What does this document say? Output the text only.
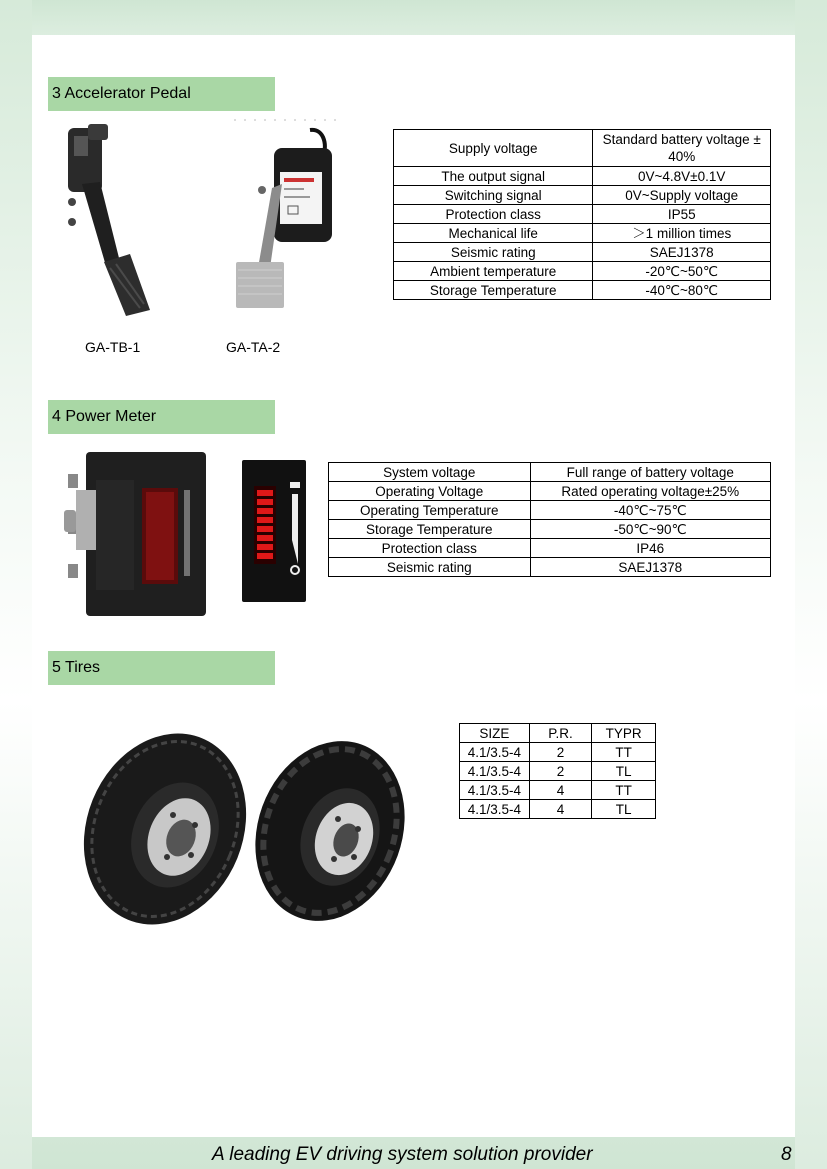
3 Accelerator Pedal
GA-TB-1	GA-TA-2
Supply voltage	Standard battery voltage ± 40%
The output signal	0V~4.8V±0.1V
Switching signal	0V~Supply voltage
Protection class	IP55
Mechanical life	＞1 million times
Seismic rating	SAEJ1378
Ambient temperature	-20℃~50℃
Storage Temperature	-40℃~80℃
4 Power Meter
System voltage	Full range of battery voltage
Operating Voltage	Rated operating voltage±25%
Operating Temperature	-40℃~75℃
Storage Temperature	-50℃~90℃
Protection class	IP46
Seismic rating	SAEJ1378
5 Tires
SIZE	P.R.	TYPR
4.1/3.5-4	2	TT
4.1/3.5-4	2	TL
4.1/3.5-4	4	TT
4.1/3.5-4	4	TL
A leading EV driving system solution provider	8
